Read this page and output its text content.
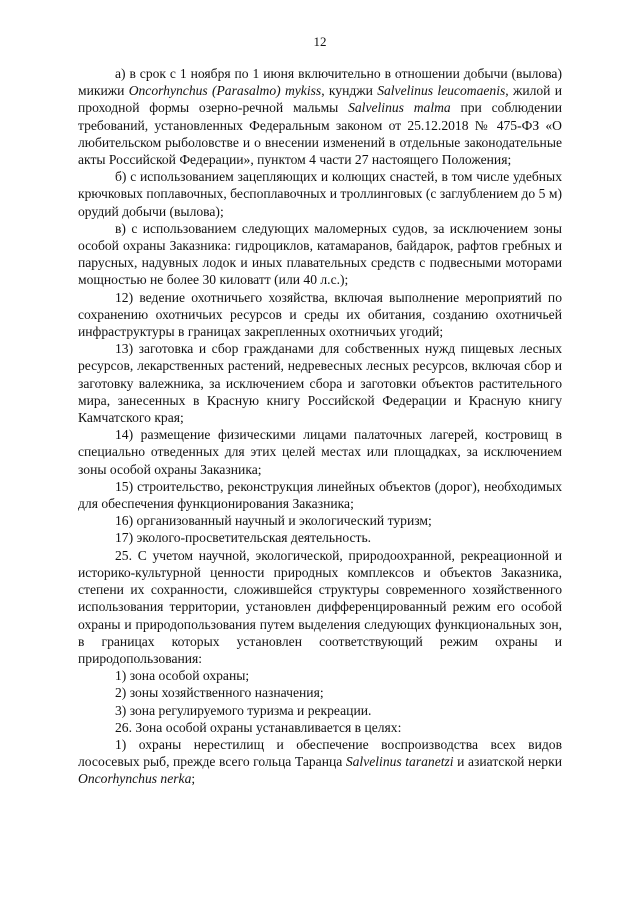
12

а) в срок с 1 ноября по 1 июня включительно в отношении добычи (вылова) микижи Oncorhynchus (Parasalmo) mykiss, кунджи Salvelinus leucomaenis, жилой и проходной формы озерно-речной мальмы Salvelinus malma при соблюдении требований, установленных Федеральным законом от 25.12.2018 № 475-ФЗ «О любительском рыболовстве и о внесении изменений в отдельные законодательные акты Российской Федерации», пунктом 4 части 27 настоящего Положения;

б) с использованием зацепляющих и колющих снастей, в том числе удебных крючковых поплавочных, беспоплавочных и троллинговых (с заглублением до 5 м) орудий добычи (вылова);

в) с использованием следующих маломерных судов, за исключением зоны особой охраны Заказника: гидроциклов, катамаранов, байдарок, рафтов гребных и парусных, надувных лодок и иных плавательных средств с подвесными моторами мощностью не более 30 киловатт (или 40 л.с.);

12) ведение охотничьего хозяйства, включая выполнение мероприятий по сохранению охотничьих ресурсов и среды их обитания, созданию охотничьей инфраструктуры в границах закрепленных охотничьих угодий;

13) заготовка и сбор гражданами для собственных нужд пищевых лесных ресурсов, лекарственных растений, недревесных лесных ресурсов, включая сбор и заготовку валежника, за исключением сбора и заготовки объектов растительного мира, занесенных в Красную книгу Российской Федерации и Красную книгу Камчатского края;

14) размещение физическими лицами палаточных лагерей, костровищ в специально отведенных для этих целей местах или площадках, за исключением зоны особой охраны Заказника;

15) строительство, реконструкция линейных объектов (дорог), необходимых для обеспечения функционирования Заказника;

16) организованный научный и экологический туризм;

17) эколого-просветительская деятельность.

25. С учетом научной, экологической, природоохранной, рекреационной и историко-культурной ценности природных комплексов и объектов Заказника, степени их сохранности, сложившейся структуры современного хозяйственного использования территории, установлен дифференцированный режим его особой охраны и природопользования путем выделения следующих функциональных зон, в границах которых установлен соответствующий режим охраны и природопользования:

1) зона особой охраны;

2) зоны хозяйственного назначения;

3) зона регулируемого туризма и рекреации.

26. Зона особой охраны устанавливается в целях:

1) охраны нерестилищ и обеспечение воспроизводства всех видов лососевых рыб, прежде всего гольца Таранца Salvelinus taranetzi и азиатской нерки Oncorhynchus nerka;
